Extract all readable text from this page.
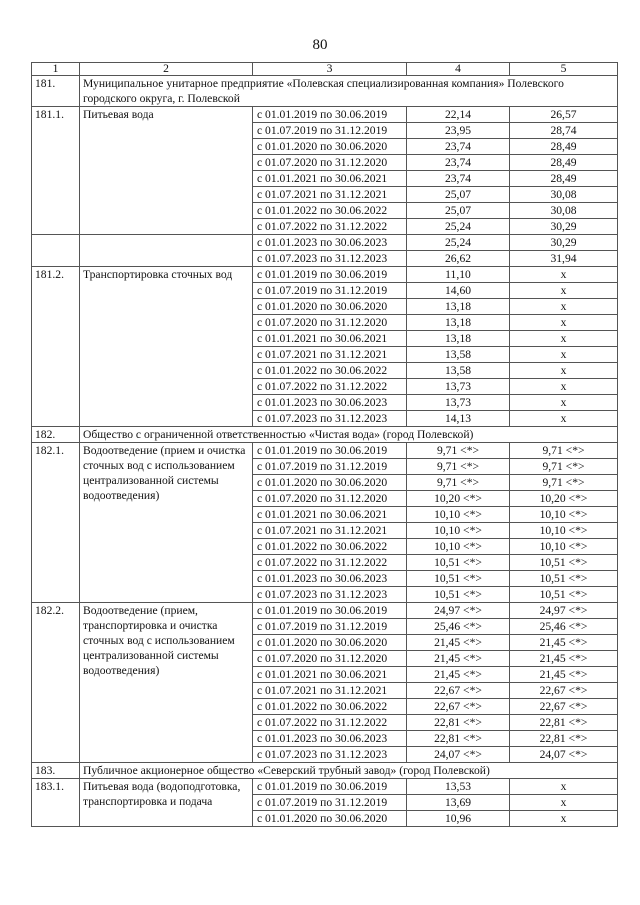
80
1	2	3	4	5
181.	Муниципальное унитарное предприятие «Полевская специализированная компания» Полевского городского округа, г. Полевской			
181.1.	Питьевая вода	с 01.01.2019 по 30.06.2019	22,14	26,57
		с 01.07.2019 по 31.12.2019	23,95	28,74
		с 01.01.2020 по 30.06.2020	23,74	28,49
		с 01.07.2020 по 31.12.2020	23,74	28,49
		с 01.01.2021 по 30.06.2021	23,74	28,49
		с 01.07.2021 по 31.12.2021	25,07	30,08
		с 01.01.2022 по 30.06.2022	25,07	30,08
		с 01.07.2022 по 31.12.2022	25,24	30,29
		с 01.01.2023 по 30.06.2023	25,24	30,29
		с 01.07.2023 по 31.12.2023	26,62	31,94
181.2.	Транспортировка сточных вод	с 01.01.2019 по 30.06.2019	11,10	x
		с 01.07.2019 по 31.12.2019	14,60	x
		с 01.01.2020 по 30.06.2020	13,18	x
		с 01.07.2020 по 31.12.2020	13,18	x
		с 01.01.2021 по 30.06.2021	13,18	x
		с 01.07.2021 по 31.12.2021	13,58	x
		с 01.01.2022 по 30.06.2022	13,58	x
		с 01.07.2022 по 31.12.2022	13,73	x
		с 01.01.2023 по 30.06.2023	13,73	x
		с 01.07.2023 по 31.12.2023	14,13	x
182.	Общество с ограниченной ответственностью «Чистая вода» (город Полевской)			
182.1.	Водоотведение (прием и очистка сточных вод с использованием централизованной системы водоотведения)	с 01.01.2019 по 30.06.2019	9,71 <*>	9,71 <*>
		с 01.07.2019 по 31.12.2019	9,71 <*>	9,71 <*>
		с 01.01.2020 по 30.06.2020	9,71 <*>	9,71 <*>
		с 01.07.2020 по 31.12.2020	10,20 <*>	10,20 <*>
		с 01.01.2021 по 30.06.2021	10,10 <*>	10,10 <*>
		с 01.07.2021 по 31.12.2021	10,10 <*>	10,10 <*>
		с 01.01.2022 по 30.06.2022	10,10 <*>	10,10 <*>
		с 01.07.2022 по 31.12.2022	10,51 <*>	10,51 <*>
		с 01.01.2023 по 30.06.2023	10,51 <*>	10,51 <*>
		с 01.07.2023 по 31.12.2023	10,51 <*>	10,51 <*>
182.2.	Водоотведение (прием, транспортировка и очистка сточных вод с использованием централизованной системы водоотведения)	с 01.01.2019 по 30.06.2019	24,97 <*>	24,97 <*>
		с 01.07.2019 по 31.12.2019	25,46 <*>	25,46 <*>
		с 01.01.2020 по 30.06.2020	21,45 <*>	21,45 <*>
		с 01.07.2020 по 31.12.2020	21,45 <*>	21,45 <*>
		с 01.01.2021 по 30.06.2021	21,45 <*>	21,45 <*>
		с 01.07.2021 по 31.12.2021	22,67 <*>	22,67 <*>
		с 01.01.2022 по 30.06.2022	22,67 <*>	22,67 <*>
		с 01.07.2022 по 31.12.2022	22,81 <*>	22,81 <*>
		с 01.01.2023 по 30.06.2023	22,81 <*>	22,81 <*>
		с 01.07.2023 по 31.12.2023	24,07 <*>	24,07 <*>
183.	Публичное акционерное общество «Северский трубный завод» (город Полевской)			
183.1.	Питьевая вода (водоподготовка, транспортировка и подача	с 01.01.2019 по 30.06.2019	13,53	x
		с 01.07.2019 по 31.12.2019	13,69	x
		с 01.01.2020 по 30.06.2020	10,96	x
